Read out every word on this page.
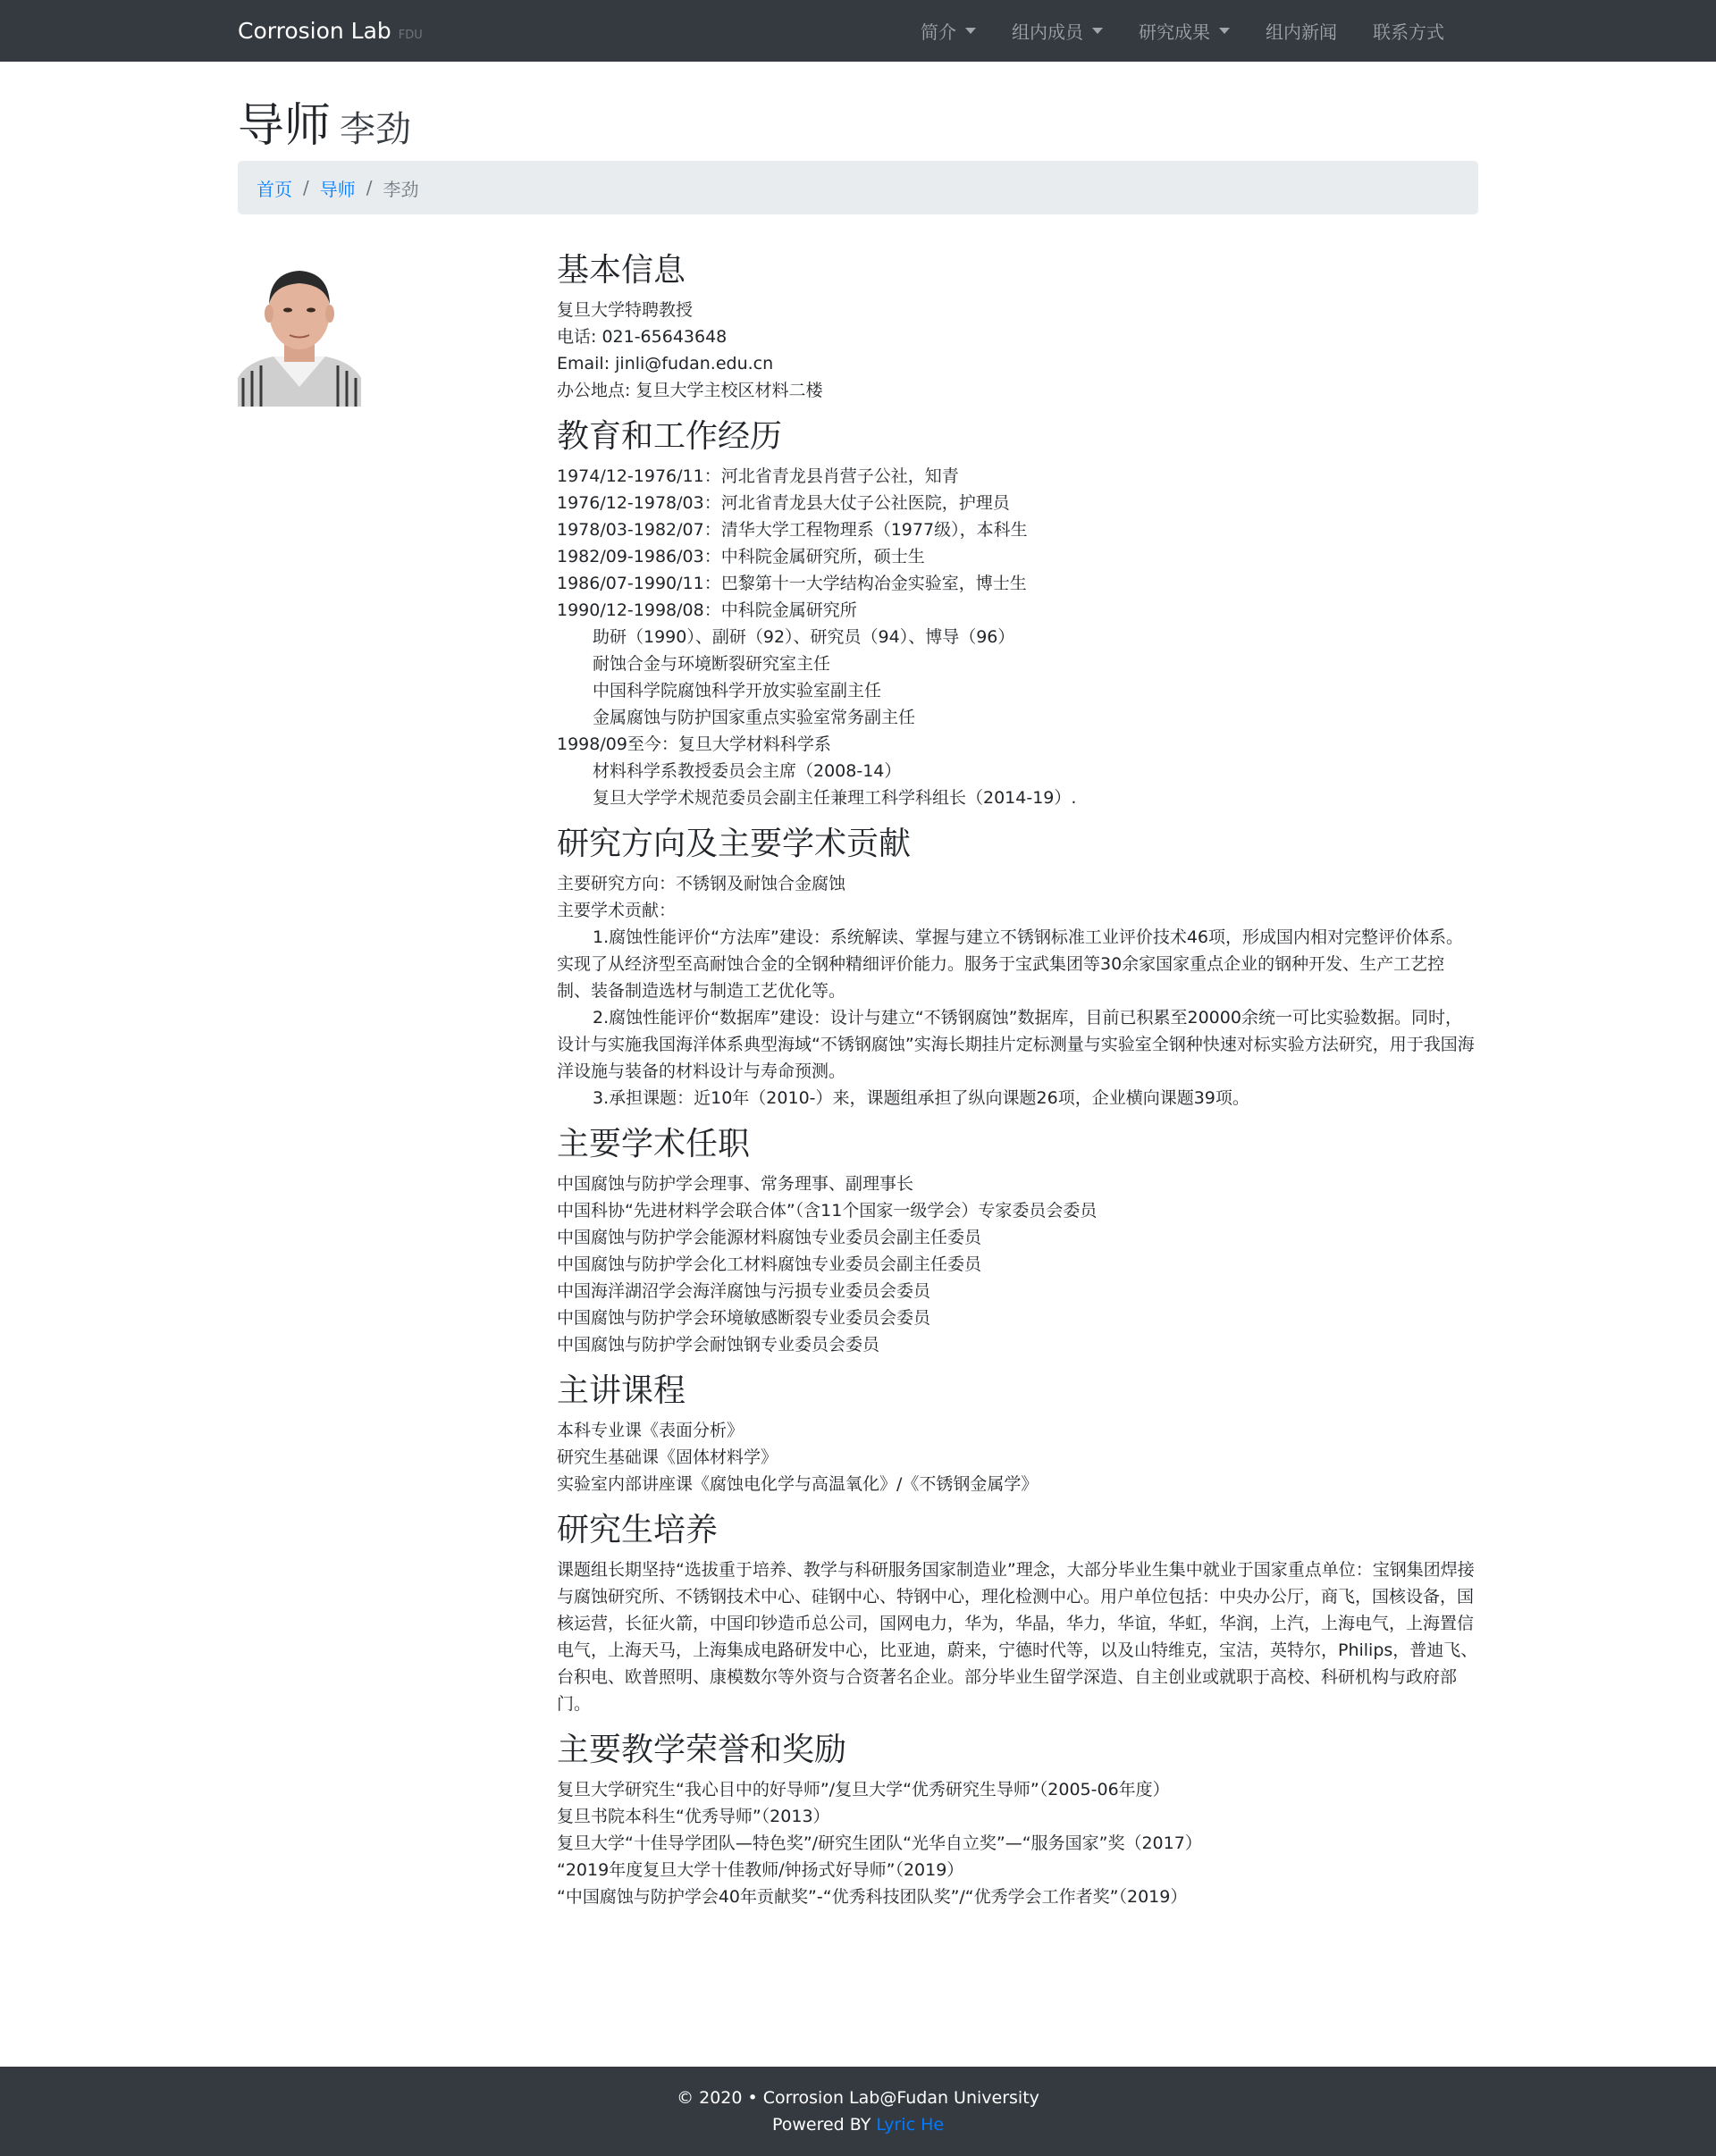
Corrosion Lab FDU	简介	组内成员	研究成果	组内新闻 联系方式
导师 李劲
首页 / 导师 / 李劲
基本信息

复旦大学特聘教授

电话: 021-65643648

Email: jinli@fudan.edu.cn

办公地点: 复旦大学主校区材料二楼

教育和工作经历

1974/12-1976/11：河北省青龙县肖营子公社，知青

1976/12-1978/03：河北省青龙县大仗子公社医院，护理员

1978/03-1982/07：清华大学工程物理系（1977级），本科生

1982/09-1986/03：中科院金属研究所，硕士生

1986/07-1990/11：巴黎第十一大学结构冶金实验室，博士生

1990/12-1998/08：中科院金属研究所

助研（1990）、副研（92）、研究员（94）、博导（96）

耐蚀合金与环境断裂研究室主任

中国科学院腐蚀科学开放实验室副主任

金属腐蚀与防护国家重点实验室常务副主任

1998/09至今：复旦大学材料科学系

材料科学系教授委员会主席（2008-14）

复旦大学学术规范委员会副主任兼理工科学科组长（2014-19）.

研究方向及主要学术贡献

主要研究方向：不锈钢及耐蚀合金腐蚀

主要学术贡献：

1.腐蚀性能评价“方法库”建设：系统解读、掌握与建立不锈钢标准工业评价技术46项，形成国内相对完整评价体系。实现了从经济型至高耐蚀合金的全钢种精细评价能力。服务于宝武集团等30余家国家重点企业的钢种开发、生产工艺控制、装备制造选材与制造工艺优化等。

2.腐蚀性能评价“数据库”建设：设计与建立“不锈钢腐蚀”数据库，目前已积累至20000余统一可比实验数据。同时，设计与实施我国海洋体系典型海域“不锈钢腐蚀”实海长期挂片定标测量与实验室全钢种快速对标实验方法研究，用于我国海洋设施与装备的材料设计与寿命预测。

3.承担课题：近10年（2010-）来，课题组承担了纵向课题26项，企业横向课题39项。

主要学术任职

中国腐蚀与防护学会理事、常务理事、副理事长

中国科协“先进材料学会联合体”（含11个国家一级学会）专家委员会委员

中国腐蚀与防护学会能源材料腐蚀专业委员会副主任委员

中国腐蚀与防护学会化工材料腐蚀专业委员会副主任委员

中国海洋湖沼学会海洋腐蚀与污损专业委员会委员

中国腐蚀与防护学会环境敏感断裂专业委员会委员

中国腐蚀与防护学会耐蚀钢专业委员会委员

主讲课程

本科专业课《表面分析》

研究生基础课《固体材料学》

实验室内部讲座课《腐蚀电化学与高温氧化》/《不锈钢金属学》

研究生培养

课题组长期坚持“选拔重于培养、教学与科研服务国家制造业”理念，大部分毕业生集中就业于国家重点单位：宝钢集团焊接与腐蚀研究所、不锈钢技术中心、硅钢中心、特钢中心，理化检测中心。用户单位包括：中央办公厅，商飞，国核设备，国核运营，长征火箭，中国印钞造币总公司，国网电力，华为，华晶，华力，华谊，华虹，华润，上汽，上海电气，上海置信电气，上海天马，上海集成电路研发中心，比亚迪，蔚来，宁德时代等，以及山特维克，宝洁，英特尔，Philips，普迪飞、台积电、欧普照明、康模数尔等外资与合资著名企业。部分毕业生留学深造、自主创业或就职于高校、科研机构与政府部门。

主要教学荣誉和奖励

复旦大学研究生“我心目中的好导师”/复旦大学“优秀研究生导师”（2005-06年度）

复旦书院本科生“优秀导师”（2013）

复旦大学“十佳导学团队—特色奖”/研究生团队“光华自立奖”—“服务国家”奖（2017）

“2019年度复旦大学十佳教师/钟扬式好导师”（2019）

“中国腐蚀与防护学会40年贡献奖”-“优秀科技团队奖”/“优秀学会工作者奖”（2019）

© 2020 • Corrosion Lab@Fudan University
Powered BY Lyric He
